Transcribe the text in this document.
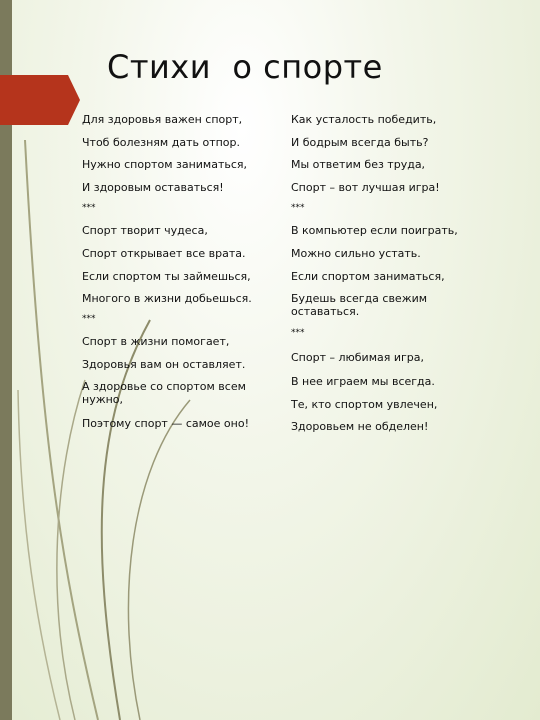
Стихи  о спорте

Для здоровья важен спорт,

Чтоб болезням дать отпор.

Нужно спортом заниматься,

И здоровым оставаться!

***

Спорт творит чудеса,

Спорт открывает все врата.

Если спортом ты займешься,

Многого в жизни добьешься.

***

Спорт в жизни помогает,

Здоровья вам он оставляет.

А здоровье со спортом всем нужно,

Поэтому спорт — самое оно!

Как усталость победить,

И бодрым всегда быть?

Мы ответим без труда,

Спорт – вот лучшая игра!

***

В компьютер если поиграть,

Можно сильно устать.

Если спортом заниматься,

Будешь всегда свежим оставаться.

***

Спорт – любимая игра,

В нее играем мы всегда.

Те, кто спортом увлечен,

Здоровьем не обделен!
